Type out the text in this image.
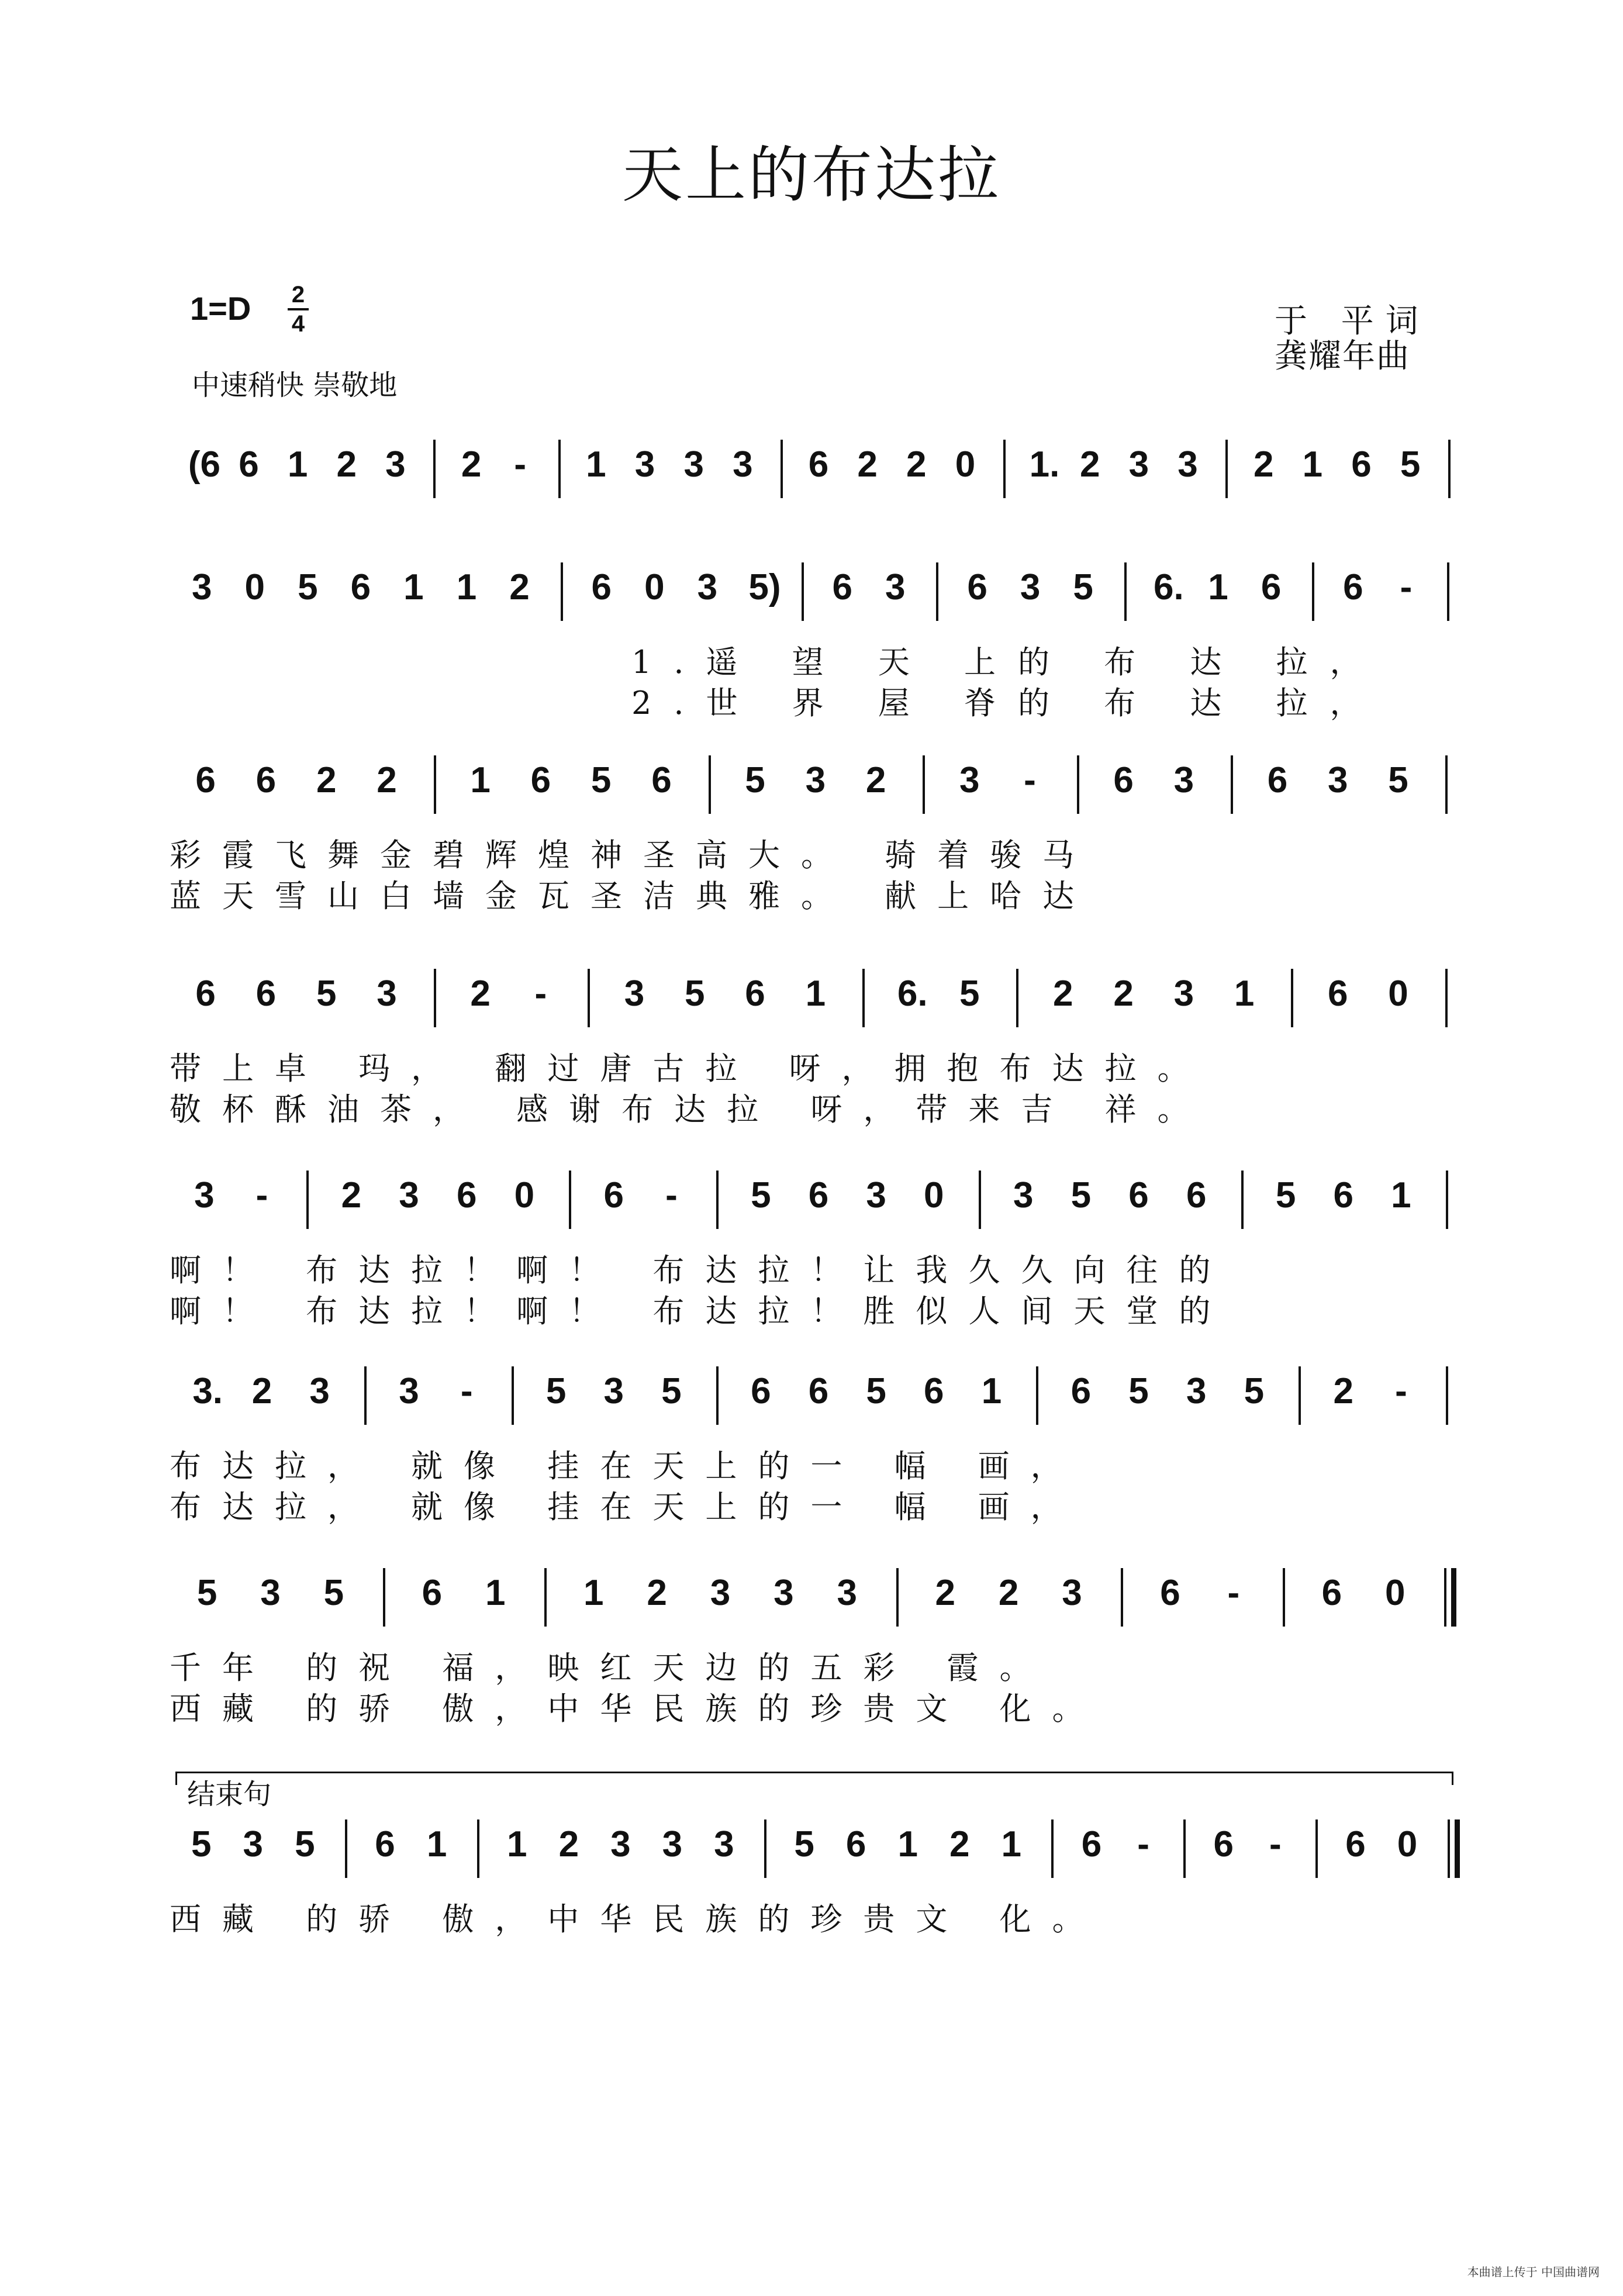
天上的布达拉
1=D 2
4
中速稍快 崇敬地
于 平词
龚耀年曲
(6 6 1 2 3 2 - 1 3 3 3 6 2 2 0 1. 2 3 3 2 1 6 5
3 0 5 6 1 1 2 6 0 3 5) 6 3 6 3 5 6. 1 6 6 -
1.遥 望 天 上的 布 达 拉，
2.世 界 屋 脊的 布 达 拉，
6 6 2 2 1 6 5 6 5 3 2 3 - 6 3 6 3 5
彩霞飞舞金碧辉煌神圣高大。 骑着骏马
蓝天雪山白墙金瓦圣洁典雅。 献上哈达
6 6 5 3 2 - 3 5 6 1 6. 5 2 2 3 1 6 0
带上卓 玛， 翻过唐古拉 呀，拥抱布达拉。
敬杯酥油茶， 感谢布达拉 呀，带来吉 祥。
3 - 2 3 6 0 6 - 5 6 3 0 3 5 6 6 5 6 1
啊！ 布达拉！啊！ 布达拉！让我久久向往的
啊！ 布达拉！啊！ 布达拉！胜似人间天堂的
3. 2 3 3 - 5 3 5 6 6 5 6 1 6 5 3 5 2 -
布达拉， 就像 挂在天上的一 幅 画，
布达拉， 就像 挂在天上的一 幅 画，
5 3 5 6 1 1 2 3 3 3 2 2 3 6 - 6 0
千年 的祝 福，映红天边的五彩 霞。
西藏 的骄 傲，中华民族的珍贵文 化。
5 3 5 6 1 1 2 3 3 3 5 6 1 2 1 6 - 6 - 6 0
西藏 的骄 傲，中华民族的珍贵文 化。
结束句
本曲谱上传于 中国曲谱网
